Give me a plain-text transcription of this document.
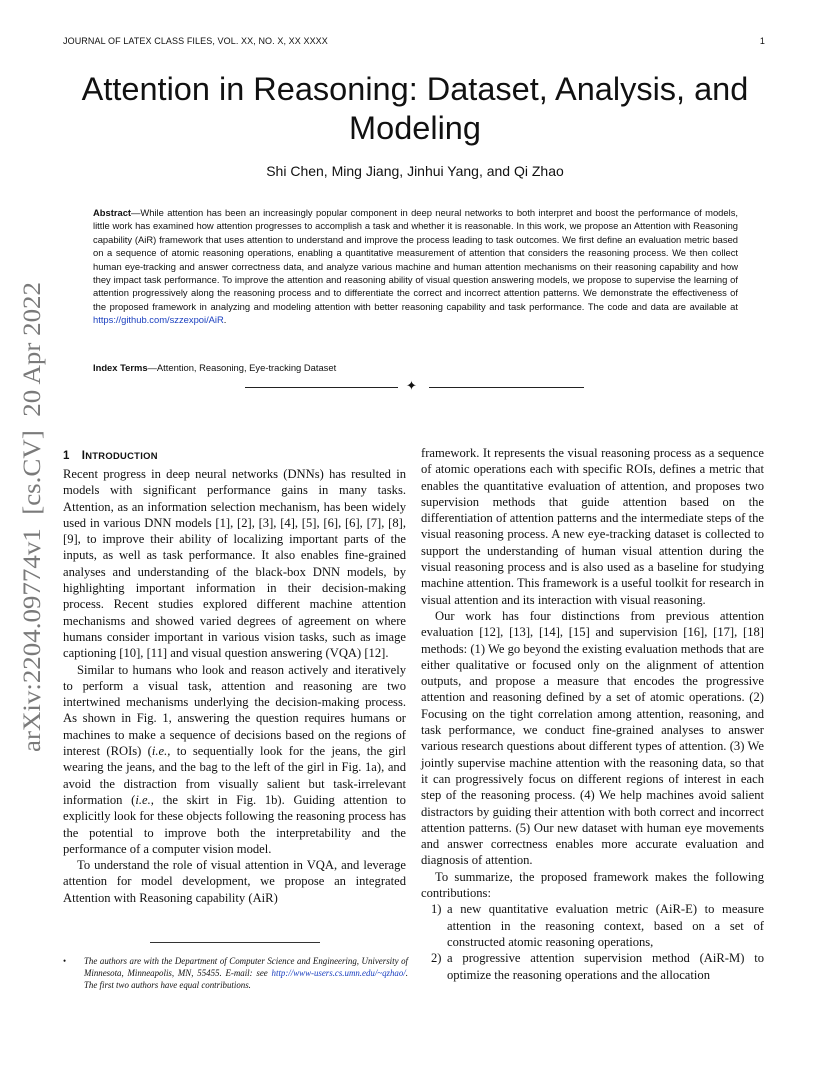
JOURNAL OF LATEX CLASS FILES, VOL. XX, NO. X, XX XXXX	1
arXiv:2204.09774v1  [cs.CV]  20 Apr 2022
Attention in Reasoning: Dataset, Analysis, and Modeling
Shi Chen, Ming Jiang, Jinhui Yang, and Qi Zhao
Abstract—While attention has been an increasingly popular component in deep neural networks to both interpret and boost the performance of models, little work has examined how attention progresses to accomplish a task and whether it is reasonable. In this work, we propose an Attention with Reasoning capability (AiR) framework that uses attention to understand and improve the process leading to task outcomes. We first define an evaluation metric based on a sequence of atomic reasoning operations, enabling a quantitative measurement of attention that considers the reasoning process. We then collect human eye-tracking and answer correctness data, and analyze various machine and human attention mechanisms on their reasoning capability and how they impact task performance. To improve the attention and reasoning ability of visual question answering models, we propose to supervise the learning of attention progressively along the reasoning process and to differentiate the correct and incorrect attention patterns. We demonstrate the effectiveness of the proposed framework in analyzing and modeling attention with better reasoning capability and task performance. The code and data are available at https://github.com/szzexpoi/AiR.
Index Terms—Attention, Reasoning, Eye-tracking Dataset
✦
1 INTRODUCTION

Recent progress in deep neural networks (DNNs) has resulted in models with significant performance gains in many tasks. Attention, as an information selection mechanism, has been widely used in various DNN models [1], [2], [3], [4], [5], [6], [6], [7], [8], [9], to improve their ability of localizing important parts of the inputs, as well as task performance. It also enables fine-grained analyses and understanding of the black-box DNN models, by highlighting important information in their decision-making process. Recent studies explored different machine attention mechanisms and showed varied degrees of agreement on where humans consider important in various vision tasks, such as image captioning [10], [11] and visual question answering (VQA) [12].

Similar to humans who look and reason actively and iteratively to perform a visual task, attention and reasoning are two intertwined mechanisms underlying the decision-making process. As shown in Fig. 1, answering the question requires humans or machines to make a sequence of decisions based on the regions of interest (ROIs) (i.e., to sequentially look for the jeans, the girl wearing the jeans, and the bag to the left of the girl in Fig. 1a), and avoid the distraction from visually salient but task-irrelevant information (i.e., the skirt in Fig. 1b). Guiding attention to explicitly look for these objects following the reasoning process has the potential to improve both the interpretability and the performance of a computer vision model.

To understand the role of visual attention in VQA, and leverage attention for model development, we propose an integrated Attention with Reasoning capability (AiR)

framework. It represents the visual reasoning process as a sequence of atomic operations each with specific ROIs, defines a metric that enables the quantitative evaluation of attention, and proposes two supervision methods that guide attention based on the differentiation of attention patterns and the intermediate steps of the visual reasoning process. A new eye-tracking dataset is collected to support the understanding of human visual attention during the visual reasoning process and is also used as a baseline for studying machine attention. This framework is a useful toolkit for research in visual attention and its interaction with visual reasoning.

Our work has four distinctions from previous attention evaluation [12], [13], [14], [15] and supervision [16], [17], [18] methods: (1) We go beyond the existing evaluation methods that are either qualitative or focused only on the alignment of attention outputs, and propose a measure that encodes the progressive attention and reasoning defined by a set of atomic operations. (2) Focusing on the tight correlation among attention, reasoning, and task performance, we conduct fine-grained analyses to answer various research questions about different types of attention. (3) We jointly supervise machine attention with the reasoning data, so that it can progressively focus on different regions of interest in each step of the reasoning process. (4) We help machines avoid salient distractors by guiding their attention with both correct and incorrect attention patterns. (5) Our new dataset with human eye movements and answer correctness enables more accurate evaluation and diagnosis of attention.

To summarize, the proposed framework makes the following contributions:

1) a new quantitative evaluation metric (AiR-E) to measure attention in the reasoning context, based on a set of constructed atomic reasoning operations,
2) a progressive attention supervision method (AiR-M) to optimize the reasoning operations and the allocation
•	The authors are with the Department of Computer Science and Engineering, University of Minnesota, Minneapolis, MN, 55455. E-mail: see http://www-users.cs.umn.edu/~qzhao/. The first two authors have equal contributions.
